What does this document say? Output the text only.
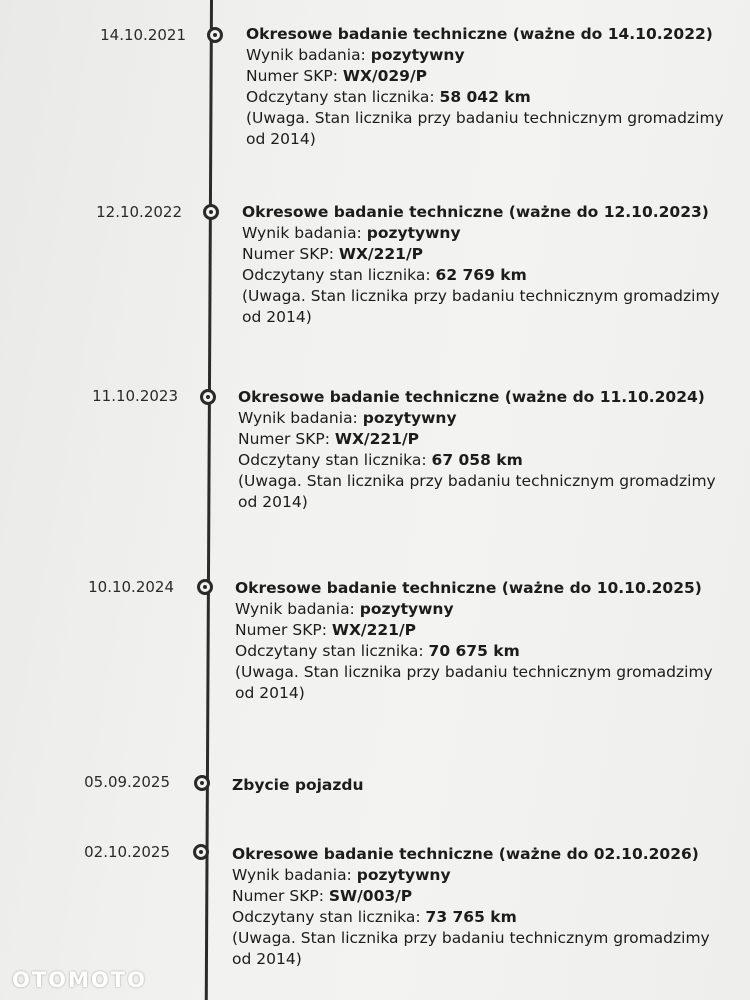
14.10.2021	Okresowe badanie techniczne (ważne do 14.10.2022)
Wynik badania: pozytywny
Numer SKP: WX/029/P
Odczytany stan licznika: 58 042 km
(Uwaga. Stan licznika przy badaniu technicznym gromadzimy od 2014)
12.10.2022	Okresowe badanie techniczne (ważne do 12.10.2023)
Wynik badania: pozytywny
Numer SKP: WX/221/P
Odczytany stan licznika: 62 769 km
(Uwaga. Stan licznika przy badaniu technicznym gromadzimy od 2014)
11.10.2023	Okresowe badanie techniczne (ważne do 11.10.2024)
Wynik badania: pozytywny
Numer SKP: WX/221/P
Odczytany stan licznika: 67 058 km
(Uwaga. Stan licznika przy badaniu technicznym gromadzimy od 2014)
10.10.2024	Okresowe badanie techniczne (ważne do 10.10.2025)
Wynik badania: pozytywny
Numer SKP: WX/221/P
Odczytany stan licznika: 70 675 km
(Uwaga. Stan licznika przy badaniu technicznym gromadzimy od 2014)
05.09.2025	Zbycie pojazdu
02.10.2025	Okresowe badanie techniczne (ważne do 02.10.2026)
Wynik badania: pozytywny
Numer SKP: SW/003/P
Odczytany stan licznika: 73 765 km
(Uwaga. Stan licznika przy badaniu technicznym gromadzimy od 2014)
OTOMOTO
